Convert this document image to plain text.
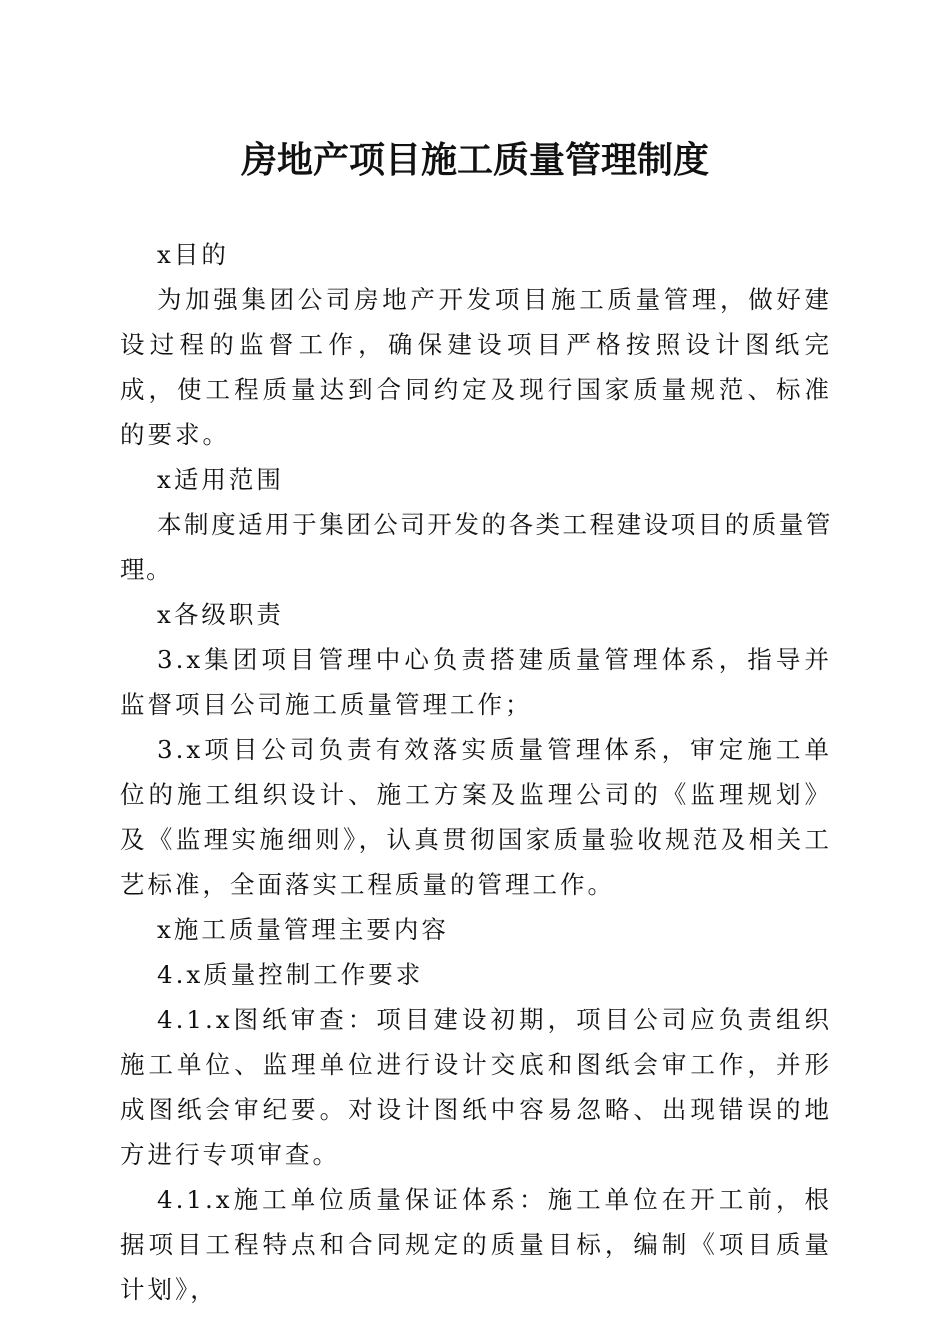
房地产项目施工质量管理制度

x目的

为加强集团公司房地产开发项目施工质量管理，做好建设过程的监督工作，确保建设项目严格按照设计图纸完成，使工程质量达到合同约定及现行国家质量规范、标准的要求。

x适用范围

本制度适用于集团公司开发的各类工程建设项目的质量管理。

x各级职责

3.x集团项目管理中心负责搭建质量管理体系，指导并监督项目公司施工质量管理工作；

3.x项目公司负责有效落实质量管理体系，审定施工单位的施工组织设计、施工方案及监理公司的《监理规划》及《监理实施细则》，认真贯彻国家质量验收规范及相关工艺标准，全面落实工程质量的管理工作。

x施工质量管理主要内容

4.x质量控制工作要求

4.1.x图纸审查：项目建设初期，项目公司应负责组织施工单位、监理单位进行设计交底和图纸会审工作，并形成图纸会审纪要。对设计图纸中容易忽略、出现错误的地方进行专项审查。

4.1.x施工单位质量保证体系：施工单位在开工前，根据项目工程特点和合同规定的质量目标，编制《项目质量计划》，
